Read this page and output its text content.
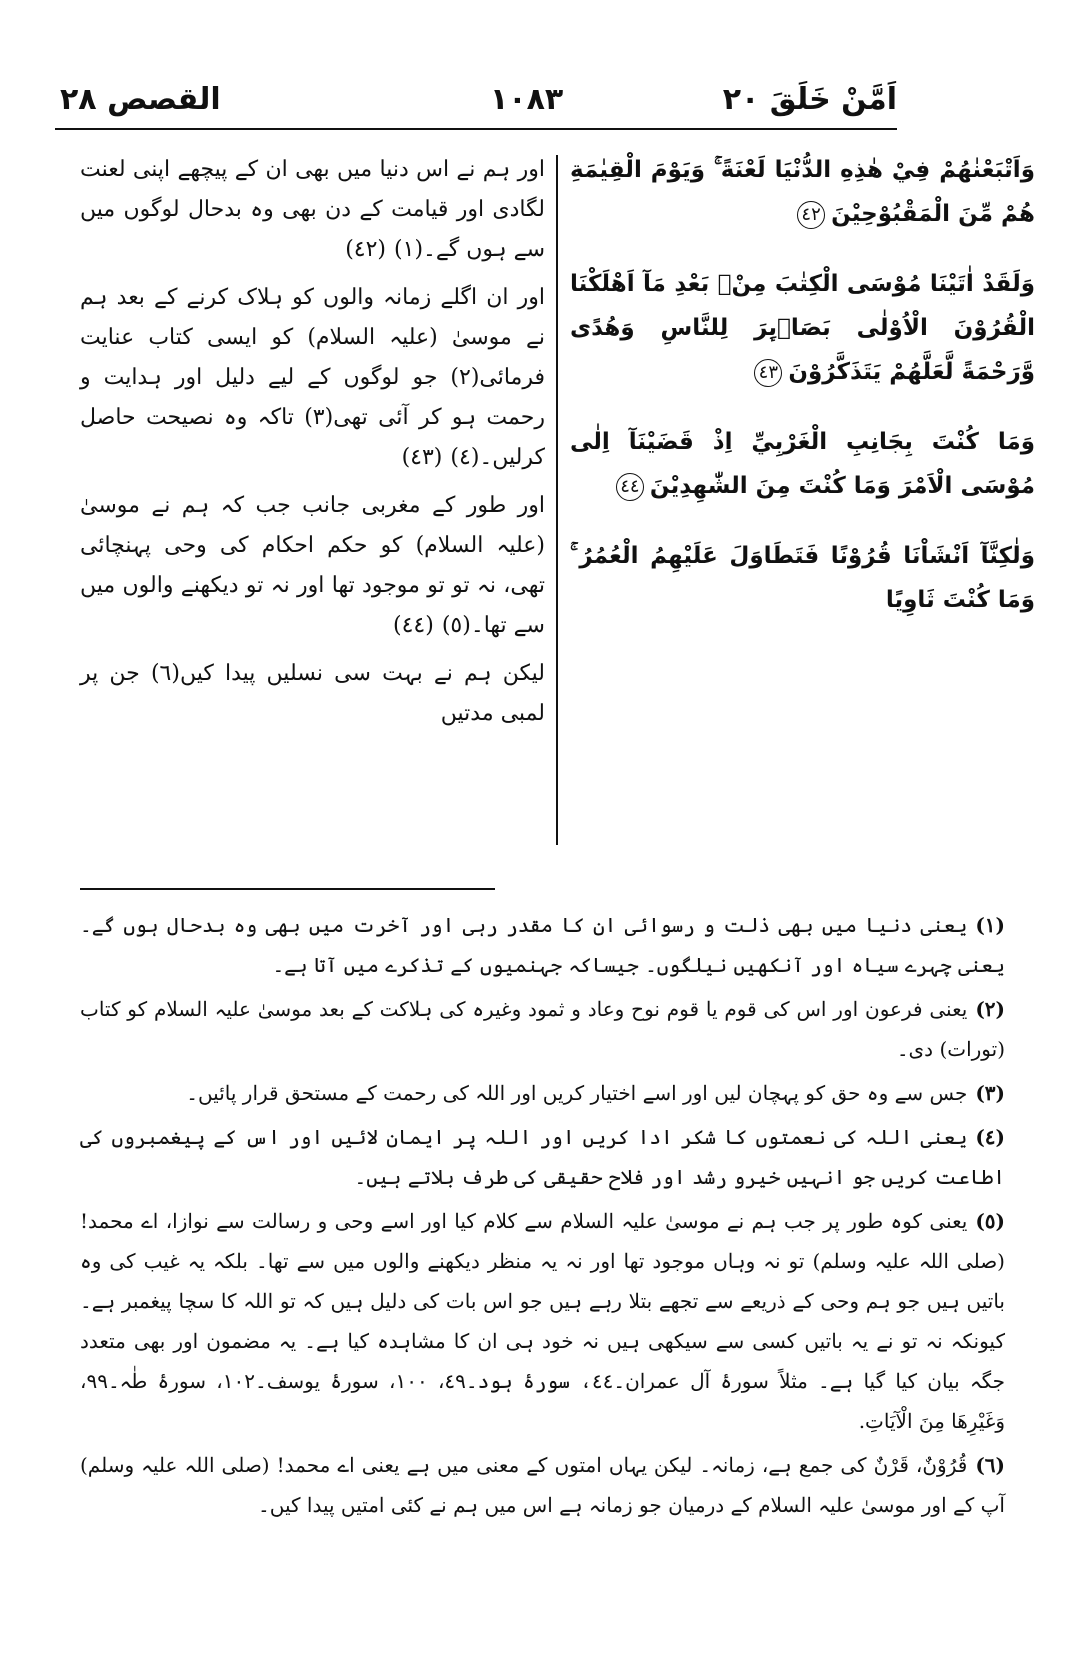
اَمَّنْ خَلَقَ ٢٠
١٠٨٣
القصص ٢٨

وَاَتْبَعْنٰهُمْ فِيْ هٰذِهِ الدُّنْيَا لَعْنَةً ۚ وَيَوْمَ الْقِيٰمَةِ هُمْ مِّنَ الْمَقْبُوْحِيْنَ٤٢

وَلَقَدْ اٰتَيْنَا مُوْسَى الْكِتٰبَ مِنْۢ بَعْدِ مَآ اَهْلَكْنَا الْقُرُوْنَ الْاُوْلٰى بَصَاۗىِٕرَ لِلنَّاسِ وَهُدًى وَّرَحْمَةً لَّعَلَّهُمْ يَتَذَكَّرُوْنَ٤٣

وَمَا كُنْتَ بِجَانِبِ الْغَرْبِيِّ اِذْ قَضَيْنَآ اِلٰى مُوْسَى الْاَمْرَ وَمَا كُنْتَ مِنَ الشّٰهِدِيْنَ٤٤

وَلٰكِنَّآ اَنْشَاْنَا قُرُوْنًا فَتَطَاوَلَ عَلَيْهِمُ الْعُمُرُ ۚ وَمَا كُنْتَ ثَاوِيًا

اور ہم نے اس دنیا میں بھی ان کے پیچھے اپنی لعنت لگادی اور قیامت کے دن بھی وہ بدحال لوگوں میں سے ہوں گے۔(١)(٤٢)

اور ان اگلے زمانہ والوں کو ہلاک کرنے کے بعد ہم نے موسیٰ (علیہ السلام) کو ایسی کتاب عنایت فرمائی(٢) جو لوگوں کے لیے دلیل اور ہدایت و رحمت ہو کر آئی تھی(٣) تاکہ وہ نصیحت حاصل کرلیں۔(٤)(٤٣)

اور طور کے مغربی جانب جب کہ ہم نے موسیٰ (علیہ السلام) کو حکم احکام کی وحی پہنچائی تھی، نہ تو تو موجود تھا اور نہ تو دیکھنے والوں میں سے تھا۔(٥)(٤٤)

لیکن ہم نے بہت سی نسلیں پیدا کیں(٦) جن پر لمبی مدتیں

(١)یعنی دنیا میں بھی ذلت و رسوائی ان کا مقدر رہی اور آخرت میں بھی وہ بدحال ہوں گے۔ یعنی چہرے سیاہ اور آنکھیں نیلگوں۔ جیساکہ جہنمیوں کے تذکرے میں آتا ہے۔

(٢)یعنی فرعون اور اس کی قوم یا قوم نوح وعاد و ثمود وغیرہ کی ہلاکت کے بعد موسیٰ علیہ السلام کو کتاب (تورات) دی۔

(٣)جس سے وہ حق کو پہچان لیں اور اسے اختیار کریں اور اللہ کی رحمت کے مستحق قرار پائیں۔

(٤)یعنی اللہ کی نعمتوں کا شکر ادا کریں اور اللہ پر ایمان لائیں اور اس کے پیغمبروں کی اطاعت کریں جو انہیں خیرو رشد اور فلاح حقیقی کی طرف بلاتے ہیں۔

(٥)یعنی کوہ طور پر جب ہم نے موسیٰ علیہ السلام سے کلام کیا اور اسے وحی و رسالت سے نوازا، اے محمد! (صلی اللہ علیہ وسلم) تو نہ وہاں موجود تھا اور نہ یہ منظر دیکھنے والوں میں سے تھا۔ بلکہ یہ غیب کی وہ باتیں ہیں جو ہم وحی کے ذریعے سے تجھے بتلا رہے ہیں جو اس بات کی دلیل ہیں کہ تو اللہ کا سچا پیغمبر ہے۔ کیونکہ نہ تو نے یہ باتیں کسی سے سیکھی ہیں نہ خود ہی ان کا مشاہدہ کیا ہے۔ یہ مضمون اور بھی متعدد جگہ بیان کیا گیا ہے۔ مثلاً سورۂ آل عمران۔٤٤، سورۂ ہود۔٤٩، ١٠٠، سورۂ یوسف۔١٠٢، سورۂ طٰہ۔٩٩، وَغَيْرِهَا مِنَ الْآيَاتِ.

(٦)قُرُوْنٌ، قَرْنٌ کی جمع ہے، زمانہ۔ لیکن یہاں امتوں کے معنی میں ہے یعنی اے محمد! (صلی اللہ علیہ وسلم) آپ کے اور موسیٰ علیہ السلام کے درمیان جو زمانہ ہے اس میں ہم نے کئی امتیں پیدا کیں۔
